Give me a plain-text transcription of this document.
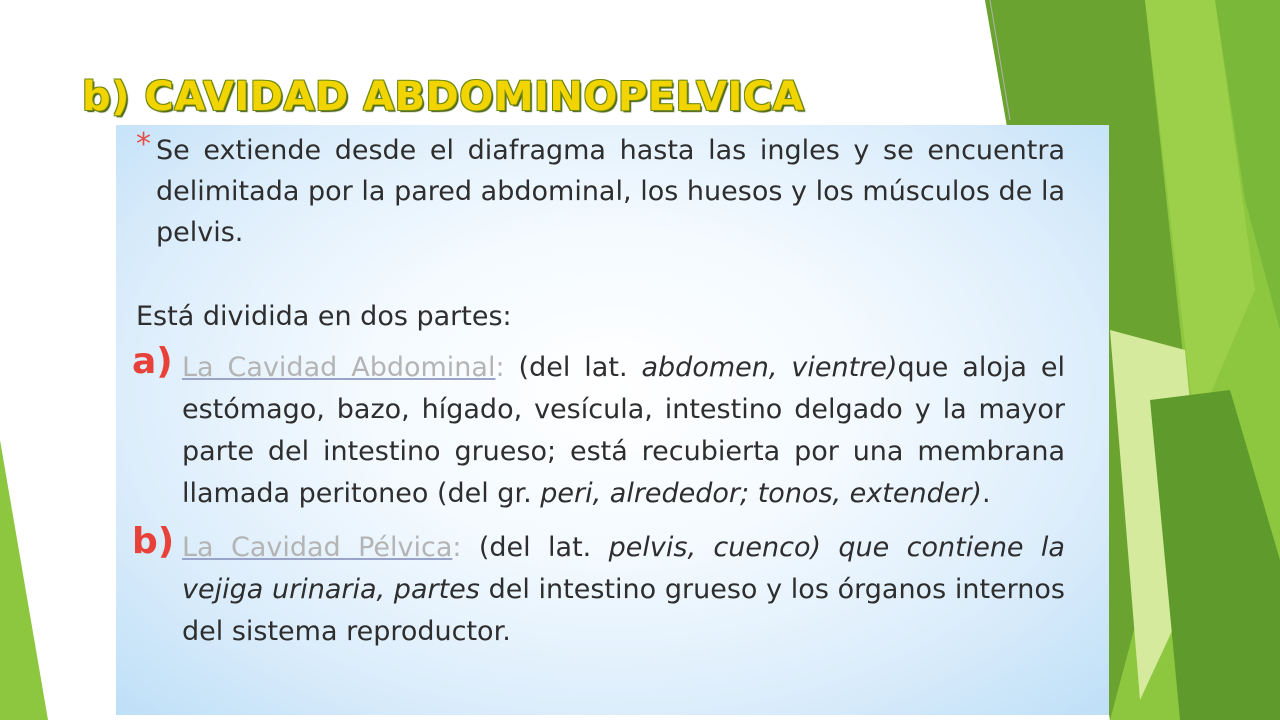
b) CAVIDAD ABDOMINOPELVICA

* Se extiende desde el diafragma hasta las ingles y se encuentra delimitada por la pared abdominal, los huesos y los músculos de la pelvis.

Está dividida en dos partes:

a) La Cavidad Abdominal: (del lat. abdomen, vientre)que aloja el estómago, bazo, hígado, vesícula, intestino delgado y la mayor parte del intestino grueso; está recubierta por una membrana llamada peritoneo (del gr. peri, alrededor; tonos, extender).
b) La Cavidad Pélvica: (del lat. pelvis, cuenco) que contiene la vejiga urinaria, partes del intestino grueso y los órganos internos del sistema reproductor.
